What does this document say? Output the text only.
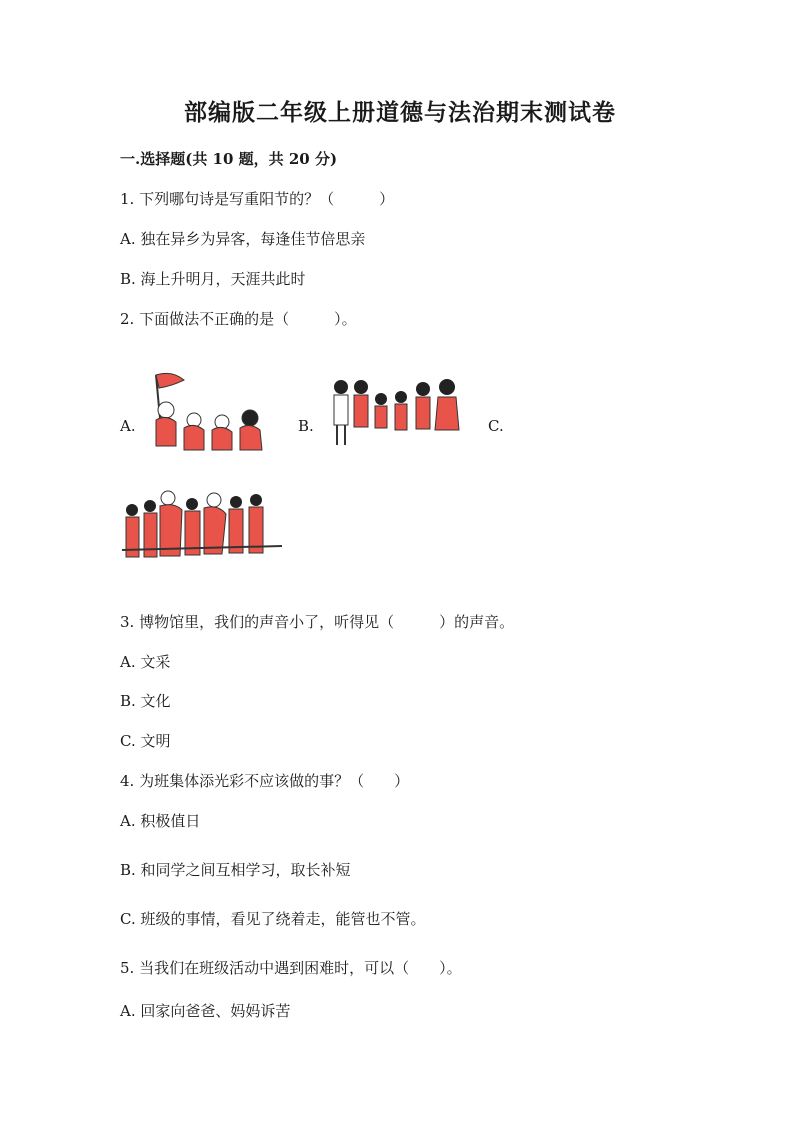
部编版二年级上册道德与法治期末测试卷
一.选择题(共 10 题，共 20 分)
1. 下列哪句诗是写重阳节的？（　　　）
A. 独在异乡为异客，每逢佳节倍思亲
B. 海上升明月，天涯共此时
2. 下面做法不正确的是（　　　）。
A.	B.	C.
3. 博物馆里，我们的声音小了，听得见（　　　）的声音。
A. 文采
B. 文化
C. 文明
4. 为班集体添光彩不应该做的事？（　　）
A. 积极值日
B. 和同学之间互相学习，取长补短
C. 班级的事情，看见了绕着走，能管也不管。
5. 当我们在班级活动中遇到困难时，可以（　　）。
A. 回家向爸爸、妈妈诉苦
